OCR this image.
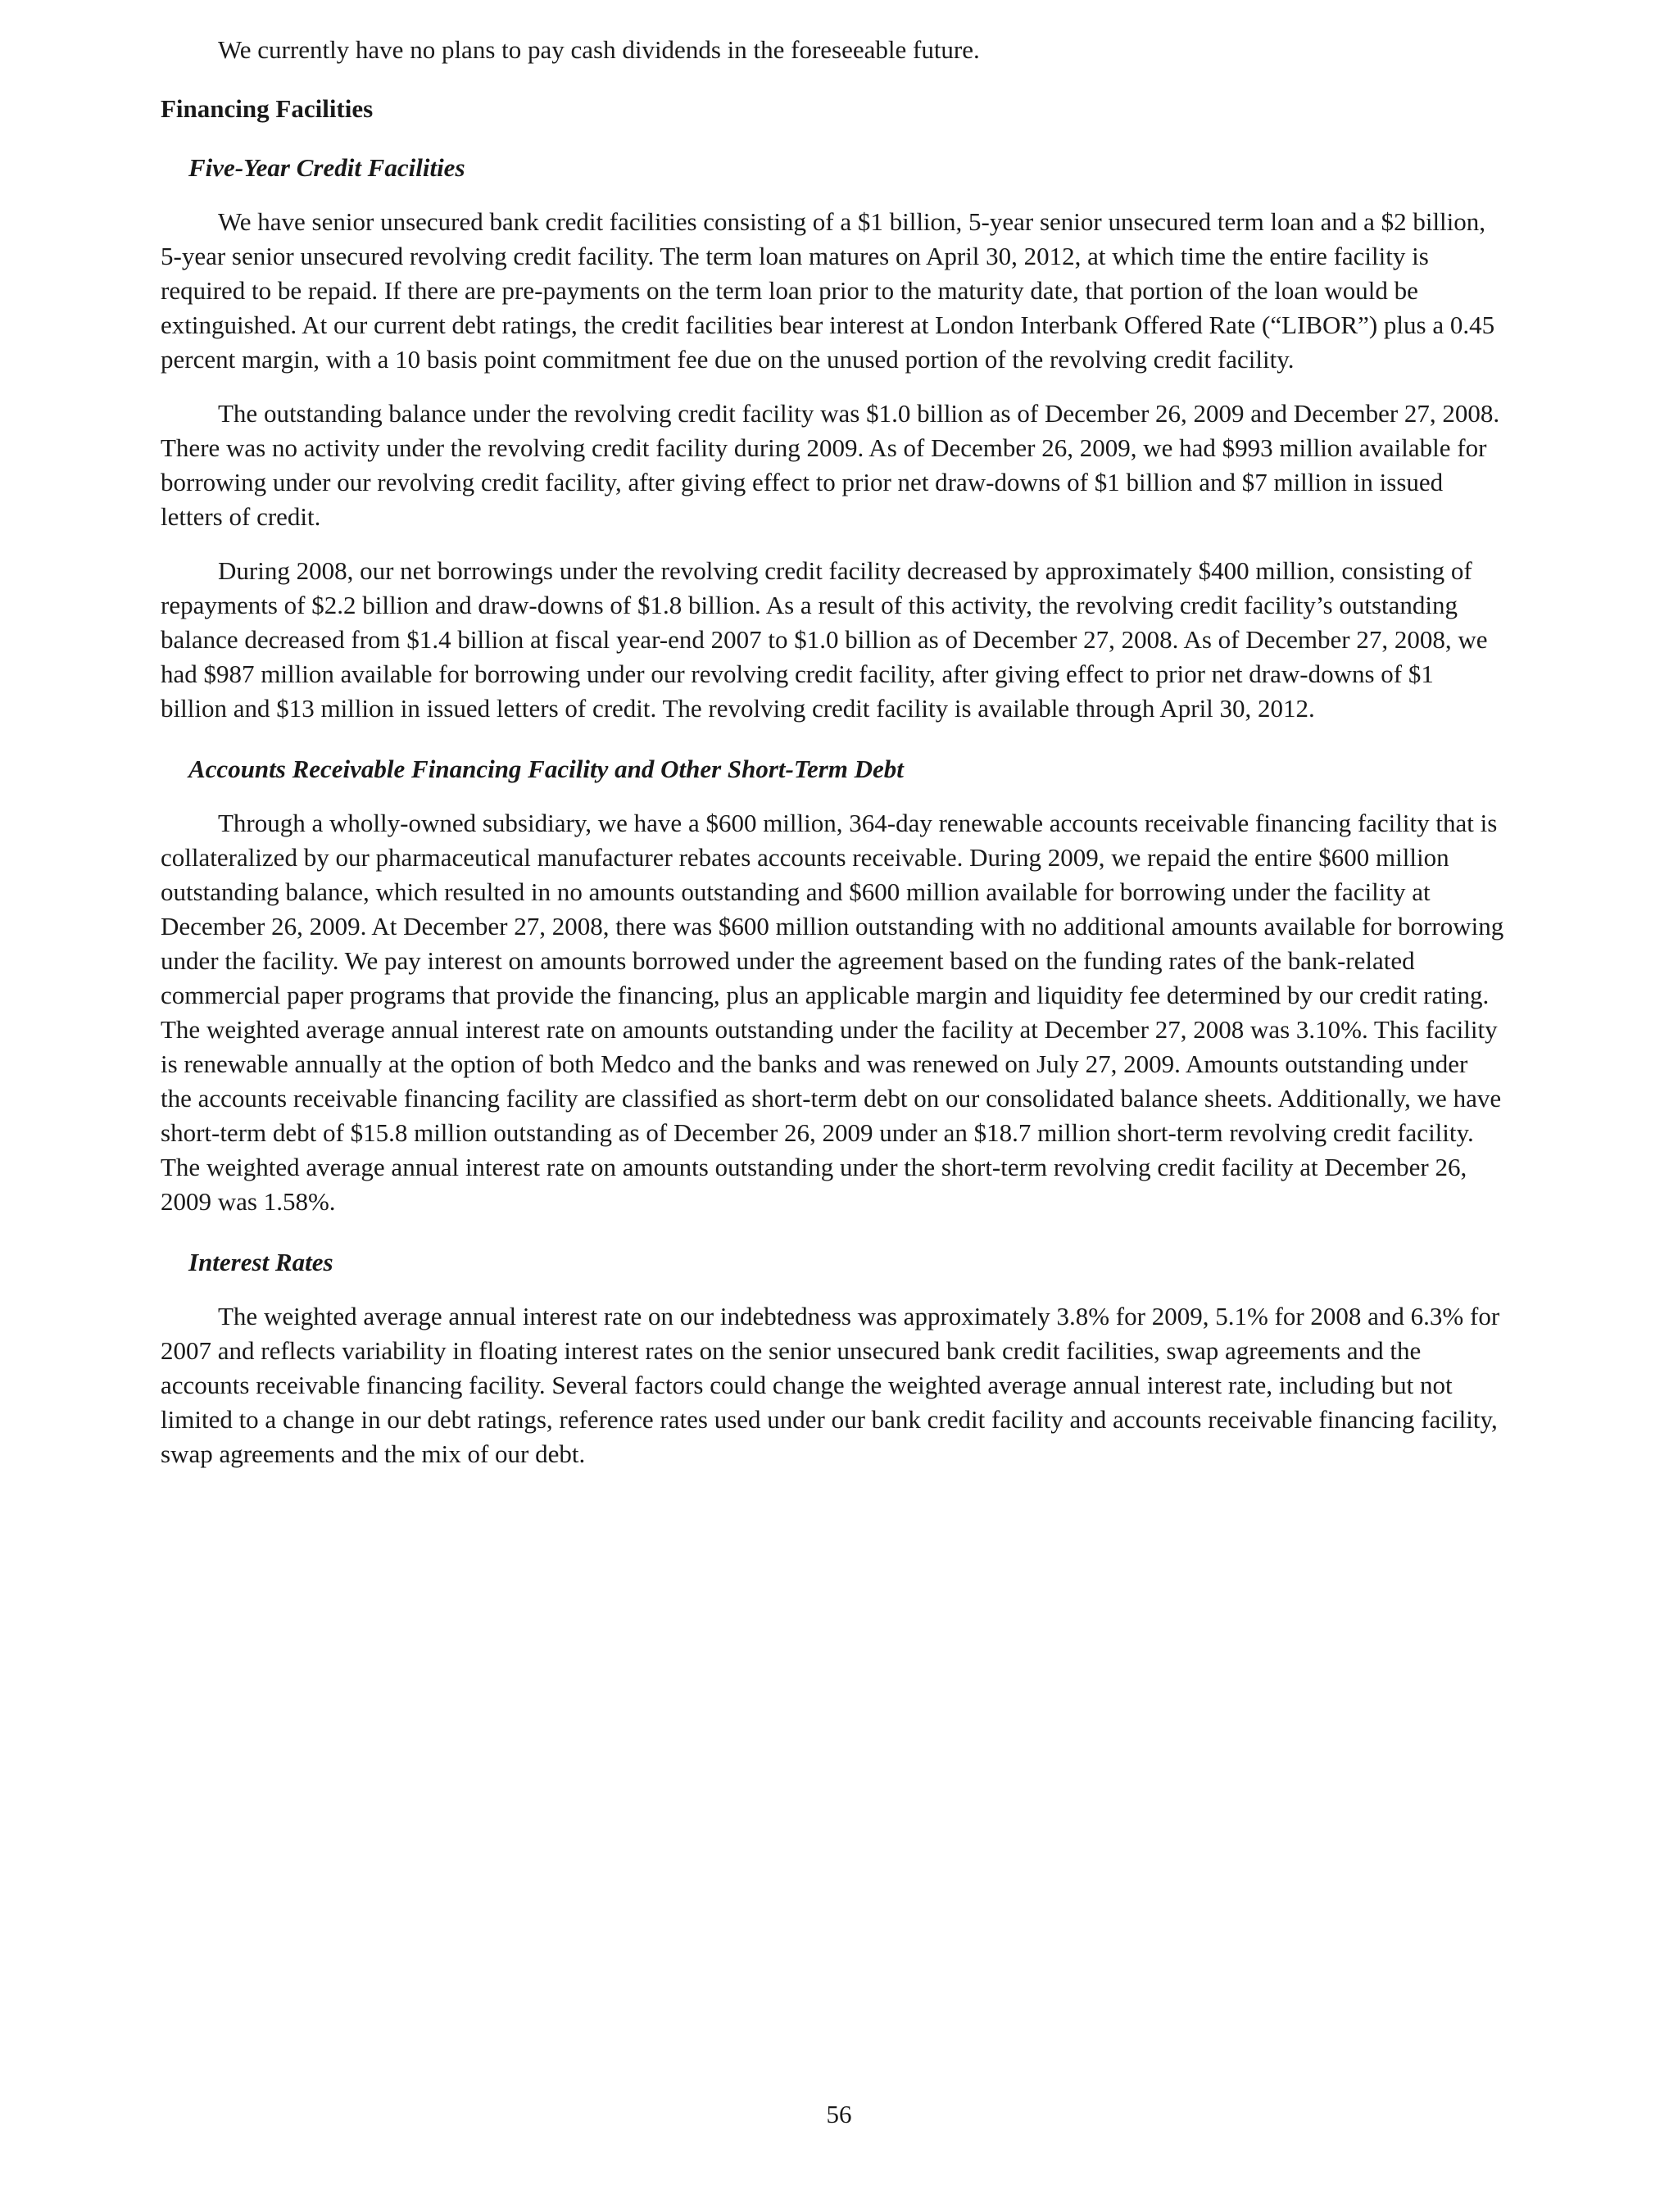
We currently have no plans to pay cash dividends in the foreseeable future.

Financing Facilities
Five-Year Credit Facilities

We have senior unsecured bank credit facilities consisting of a $1 billion, 5-year senior unsecured term loan and a $2 billion, 5-year senior unsecured revolving credit facility. The term loan matures on April 30, 2012, at which time the entire facility is required to be repaid. If there are pre-payments on the term loan prior to the maturity date, that portion of the loan would be extinguished. At our current debt ratings, the credit facilities bear interest at London Interbank Offered Rate (“LIBOR”) plus a 0.45 percent margin, with a 10 basis point commitment fee due on the unused portion of the revolving credit facility.

The outstanding balance under the revolving credit facility was $1.0 billion as of December 26, 2009 and December 27, 2008. There was no activity under the revolving credit facility during 2009. As of December 26, 2009, we had $993 million available for borrowing under our revolving credit facility, after giving effect to prior net draw-downs of $1 billion and $7 million in issued letters of credit.

During 2008, our net borrowings under the revolving credit facility decreased by approximately $400 million, consisting of repayments of $2.2 billion and draw-downs of $1.8 billion. As a result of this activity, the revolving credit facility’s outstanding balance decreased from $1.4 billion at fiscal year-end 2007 to $1.0 billion as of December 27, 2008. As of December 27, 2008, we had $987 million available for borrowing under our revolving credit facility, after giving effect to prior net draw-downs of $1 billion and $13 million in issued letters of credit. The revolving credit facility is available through April 30, 2012.

Accounts Receivable Financing Facility and Other Short-Term Debt

Through a wholly-owned subsidiary, we have a $600 million, 364-day renewable accounts receivable financing facility that is collateralized by our pharmaceutical manufacturer rebates accounts receivable. During 2009, we repaid the entire $600 million outstanding balance, which resulted in no amounts outstanding and $600 million available for borrowing under the facility at December 26, 2009. At December 27, 2008, there was $600 million outstanding with no additional amounts available for borrowing under the facility. We pay interest on amounts borrowed under the agreement based on the funding rates of the bank-related commercial paper programs that provide the financing, plus an applicable margin and liquidity fee determined by our credit rating. The weighted average annual interest rate on amounts outstanding under the facility at December 27, 2008 was 3.10%. This facility is renewable annually at the option of both Medco and the banks and was renewed on July 27, 2009. Amounts outstanding under the accounts receivable financing facility are classified as short-term debt on our consolidated balance sheets. Additionally, we have short-term debt of $15.8 million outstanding as of December 26, 2009 under an $18.7 million short-term revolving credit facility. The weighted average annual interest rate on amounts outstanding under the short-term revolving credit facility at December 26, 2009 was 1.58%.

Interest Rates

The weighted average annual interest rate on our indebtedness was approximately 3.8% for 2009, 5.1% for 2008 and 6.3% for 2007 and reflects variability in floating interest rates on the senior unsecured bank credit facilities, swap agreements and the accounts receivable financing facility. Several factors could change the weighted average annual interest rate, including but not limited to a change in our debt ratings, reference rates used under our bank credit facility and accounts receivable financing facility, swap agreements and the mix of our debt.

56
